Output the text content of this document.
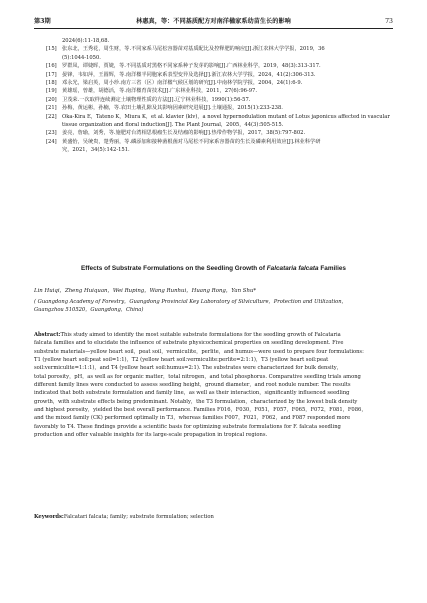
第3期	林惠真，等：不同基质配方对南洋楹家系幼苗生长的影响	73
2024(6):11-18,68.
[15] 张东北，王秀花，周生财，等.不同家系马尾松容器苗对基质配比及控释肥的响应[J].浙江农林大学学报，2019，36
(5):1044-1050.
[16] 罗群凤，谭婕晖，贾婕，等.不同基质对黑格不同家系种子发芽的影响[J].广西林业科学，2019，48(3):313-317.
[17] 晏锋，韦如萍，王圆辉，等.南洋楹半同胞家系表型变异及选择[J].浙江农林大学学报，2024，41(2):306-313.
[18] 邓永光，梁启英，周小珍.南方三省（区）南洋楹气候区划的研究[J].中南林学院学报，2004，24(1):6-9.
[19] 黄雄瑶，曾雄，胡德活，等.南洋楹育苗技术[J].广东林业科技，2011，27(6):96-97.
[20] 卫茂荣.一次取样连续测定土壤物理性质的方法[J].辽宁林业科技，1990(1):56-57.
[21] 孙梅，黄运彬，孙楠，等.农田土壤孔隙及其影响因素研究进展[J].土壤通报，2015(1):233-238.
[22] Oka-Kira E，Tateno K，Miura K，et al. klavier (klv)，a novel hypernodulation mutant of Lotus japonicus affected in vascular
tissue organization and floral induction[J]. The Plant Journal，2005，44(3):505-515.
[23] 姜亮，詹瑜，刘秀，等.施肥对台湾相思根瘤生长及结瘤的影响[J].热带作物学报，2017，38(5):797-802.
[24] 黄盛怡，吴统贵，楚秀丽，等.磷添加和接种菌根菌对马尾松不同家系容器苗的生长及磷素利用效应[J].林业科学研
究，2021，34(5):142-151.
Effects of Substrate Formulations on the Seedling Growth of Falcataria falcata Families
Lin Huiqi，Zheng Huiquan，Wei Ruping，Wang Runhui，Huang Rong，Yan Shu*
( Guangdong Academy of Forestry，Guangdong Provincial Key Laboratory of Silviculture，Protection and Utilization，
Guangzhou 510520，Guangdong，China)
Abstract:This study aimed to identify the most suitable substrate formulations for the seedling growth of Falcataria
falcata families and to elucidate the influence of substrate physicochemical properties on seedling development. Five
substrate materials—yellow heart soil，peat soil，vermiculite，perlite，and humus—were used to prepare four formulations:
T1 (yellow heart soil:peat soil=1:1)，T2 (yellow heart soil:vermiculite:perlite=2:1:1)，T3 (yellow heart soil:peat
soil:vermiculite=1:1:1)，and T4 (yellow heart soil:humus=2:1). The substrates were characterized for bulk density，
total porosity，pH，as well as for organic matter，total nitrogen，and total phosphorus. Comparative seedling trials among
different family lines were conducted to assess seedling height，ground diameter，and root nodule number. The results
indicated that both substrate formulation and family line，as well as their interaction，significantly influenced seedling
growth，with substrate effects being predominant. Notably，the T3 formulation，characterized by the lowest bulk density
and highest porosity，yielded the best overall performance. Families F016，F030，F051，F057，F065，F072，F081，F086，
and the mixed family (CK) performed optimally in T3，whereas families F007，F021，F062，and F087 responded more
favorably to T4. These findings provide a scientific basis for optimizing substrate formulations for F. falcata seedling
production and offer valuable insights for its large-scale propagation in tropical regions.
Keywords:Falcatari falcata; family; substrate formulation; selection
